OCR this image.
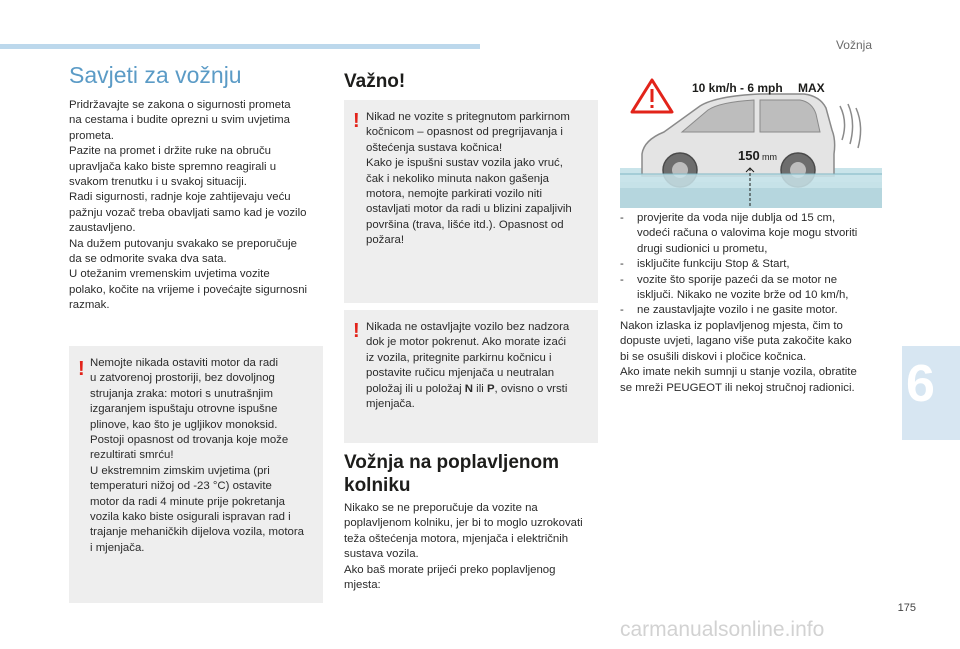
Vožnja
6
175
carmanualsonline.info
Savjeti za vožnju
Pridržavajte se zakona o sigurnosti prometa
na cestama i budite oprezni u svim uvjetima
prometa.
Pazite na promet i držite ruke na obruču
upravljača kako biste spremno reagirali u
svakom trenutku i u svakoj situaciji.
Radi sigurnosti, radnje koje zahtijevaju veću
pažnju vozač treba obavljati samo kad je vozilo
zaustavljeno.
Na dužem putovanju svakako se preporučuje
da se odmorite svaka dva sata.
U otežanim vremenskim uvjetima vozite
polako, kočite na vrijeme i povećajte sigurnosni
razmak.
! Nemojte nikada ostaviti motor da radi
u zatvorenoj prostoriji, bez dovoljnog
strujanja zraka: motori s unutrašnjim
izgaranjem ispuštaju otrovne ispušne
plinove, kao što je ugljikov monoksid.
Postoji opasnost od trovanja koje može
rezultirati smrću!
U ekstremnim zimskim uvjetima (pri
temperaturi nižoj od -23 °C) ostavite
motor da radi 4 minute prije pokretanja
vozila kako biste osigurali ispravan rad i
trajanje mehaničkih dijelova vozila, motora
i mjenjača.
Važno!
! Nikad ne vozite s pritegnutom parkirnom
kočnicom – opasnost od pregrijavanja i
oštećenja sustava kočnica!
Kako je ispušni sustav vozila jako vruć,
čak i nekoliko minuta nakon gašenja
motora, nemojte parkirati vozilo niti
ostavljati motor da radi u blizini zapaljivih
površina (trava, lišće itd.). Opasnost od
požara!
! Nikada ne ostavljajte vozilo bez nadzora
dok je motor pokrenut. Ako morate izaći
iz vozila, pritegnite parkirnu kočnicu i
postavite ručicu mjenjača u neutralan
položaj ili u položaj N ili P, ovisno o vrsti
mjenjača.
Vožnja na poplavljenom
kolniku
Nikako se ne preporučuje da vozite na
poplavljenom kolniku, jer bi to moglo uzrokovati
teža oštećenja motora, mjenjača i električnih
sustava vozila.
Ako baš morate prijeći preko poplavljenog
mjesta:
150 mm
10 km/h - 6 mph MAX
- provjerite da voda nije dublja od 15 cm,
vodeći računa o valovima koje mogu stvoriti
drugi sudionici u prometu,
- isključite funkciju Stop & Start,
- vozite što sporije pazeći da se motor ne
isključi. Nikako ne vozite brže od 10 km/h,
- ne zaustavljajte vozilo i ne gasite motor.
Nakon izlaska iz poplavljenog mjesta, čim to
dopuste uvjeti, lagano više puta zakočite kako
bi se osušili diskovi i pločice kočnica.
Ako imate nekih sumnji u stanje vozila, obratite
se mreži PEUGEOT ili nekoj stručnoj radionici.
